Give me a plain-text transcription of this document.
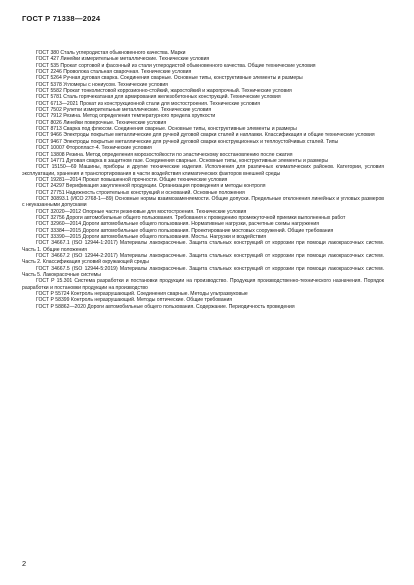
ГОСТ Р 71338—2024

ГОСТ 380 Сталь углеродистая обыкновенного качества. Марки

ГОСТ 427 Линейки измерительные металлические. Технические условия

ГОСТ 535 Прокат сортовой и фасонный из стали углеродистой обыкновенного качества. Общие технические условия

ГОСТ 2246 Проволока стальная сварочная. Технические условия

ГОСТ 5264 Ручная дуговая сварка. Соединения сварные. Основные типы, конструктивные элементы и размеры

ГОСТ 5378 Угломеры с нониусом. Технические условия

ГОСТ 5582 Прокат тонколистовой коррозионно-стойкий, жаростойкий и жаропрочный. Технические условия

ГОСТ 5781 Сталь горячекатаная для армирования железобетонных конструкций. Технические условия

ГОСТ 6713—2021 Прокат из конструкционной стали для мостостроения. Технические условия

ГОСТ 7502 Рулетки измерительные металлические. Технические условия

ГОСТ 7912 Резина. Метод определения температурного предела хрупкости

ГОСТ 8026 Линейки поверочные. Технические условия

ГОСТ 8713 Сварка под флюсом. Соединения сварные. Основные типы, конструктивные элементы и размеры

ГОСТ 9466 Электроды покрытые металлические для ручной дуговой сварки сталей и наплавки. Классификация и общие технические условия

ГОСТ 9467 Электроды покрытые металлические для ручной дуговой сварки конструкционных и теплоустойчивых сталей. Типы

ГОСТ 10007 Фторопласт-4. Технические условия

ГОСТ 13808 Резина. Метод определения морозостойкости по эластическому восстановлению после сжатия

ГОСТ 14771 Дуговая сварка в защитном газе. Соединения сварные. Основные типы, конструктивные элементы и размеры

ГОСТ 15150—69 Машины, приборы и другие технические изделия. Исполнения для различных климатических районов. Категории, условия эксплуатации, хранения и транспортирования в части воздействия климатических факторов внешней среды

ГОСТ 19281—2014 Прокат повышенной прочности. Общие технические условия

ГОСТ 24297 Верификация закупленной продукции. Организация проведения и методы контроля

ГОСТ 27751 Надежность строительных конструкций и оснований. Основные положения

ГОСТ 30893.1 (ИСО 2768-1—89) Основные нормы взаимозаменяемости. Общие допуски. Предельные отклонения линейных и угловых размеров с неуказанными допусками

ГОСТ 32020—2012 Опорные части резиновые для мостостроения. Технические условия

ГОСТ 32756 Дороги автомобильные общего пользования. Требования к проведению промежуточной приемки выполненных работ

ГОСТ 32960—2014 Дороги автомобильные общего пользования. Нормативные нагрузки, расчетные схемы нагружения

ГОСТ 33384—2015 Дороги автомобильные общего пользования. Проектирование мостовых сооружений. Общие требования

ГОСТ 33390—2015 Дороги автомобильные общего пользования. Мосты. Нагрузки и воздействия

ГОСТ 34667.1 (ISO 12944-1:2017) Материалы лакокрасочные. Защита стальных конструкций от коррозии при помощи лакокрасочных систем. Часть 1. Общие положения

ГОСТ 34667.2 (ISO 12944-2:2017) Материалы лакокрасочные. Защита стальных конструкций от коррозии при помощи лакокрасочных систем. Часть 2. Классификация условий окружающей среды

ГОСТ 34667.5 (ISO 12944-5:2019) Материалы лакокрасочные. Защита стальных конструкций от коррозии при помощи лакокрасочных систем. Часть 5. Лакокрасочные системы

ГОСТ Р 15.301 Система разработки и постановки продукции на производство. Продукция производственно-технического назначения. Порядок разработки и постановки продукции на производство

ГОСТ Р 55724 Контроль неразрушающий. Соединения сварные. Методы ультразвуковые

ГОСТ Р 58399 Контроль неразрушающий. Методы оптические. Общие требования

ГОСТ Р 58862—2020 Дороги автомобильные общего пользования. Содержание. Периодичность проведения

2
